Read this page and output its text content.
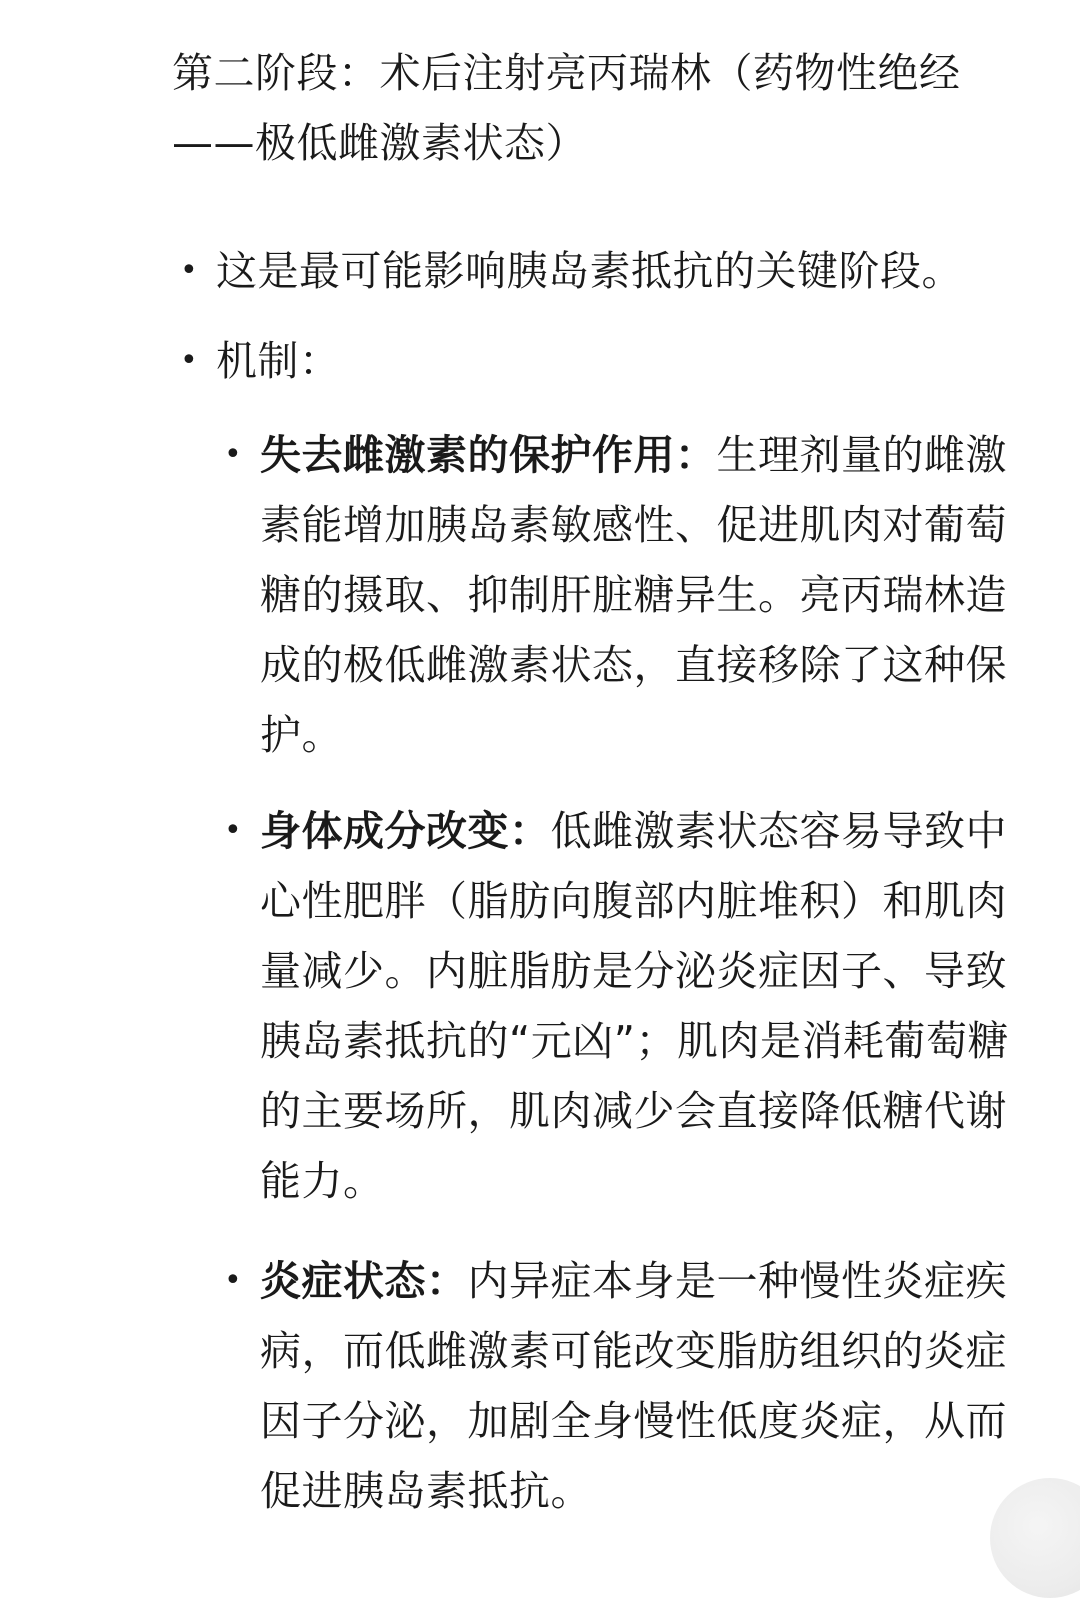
第二阶段：术后注射亮丙瑞林（药物性绝经——极低雌激素状态）
• 这是最可能影响胰岛素抵抗的关键阶段。
• 机制：
• 失去雌激素的保护作用：生理剂量的雌激素能增加胰岛素敏感性、促进肌肉对葡萄糖的摄取、抑制肝脏糖异生。亮丙瑞林造成的极低雌激素状态，直接移除了这种保护。
• 身体成分改变：低雌激素状态容易导致中心性肥胖（脂肪向腹部内脏堆积）和肌肉量减少。内脏脂肪是分泌炎症因子、导致胰岛素抵抗的“元凶”；肌肉是消耗葡萄糖的主要场所，肌肉减少会直接降低糖代谢能力。
• 炎症状态：内异症本身是一种慢性炎症疾病，而低雌激素可能改变脂肪组织的炎症因子分泌，加剧全身慢性低度炎症，从而促进胰岛素抵抗。
